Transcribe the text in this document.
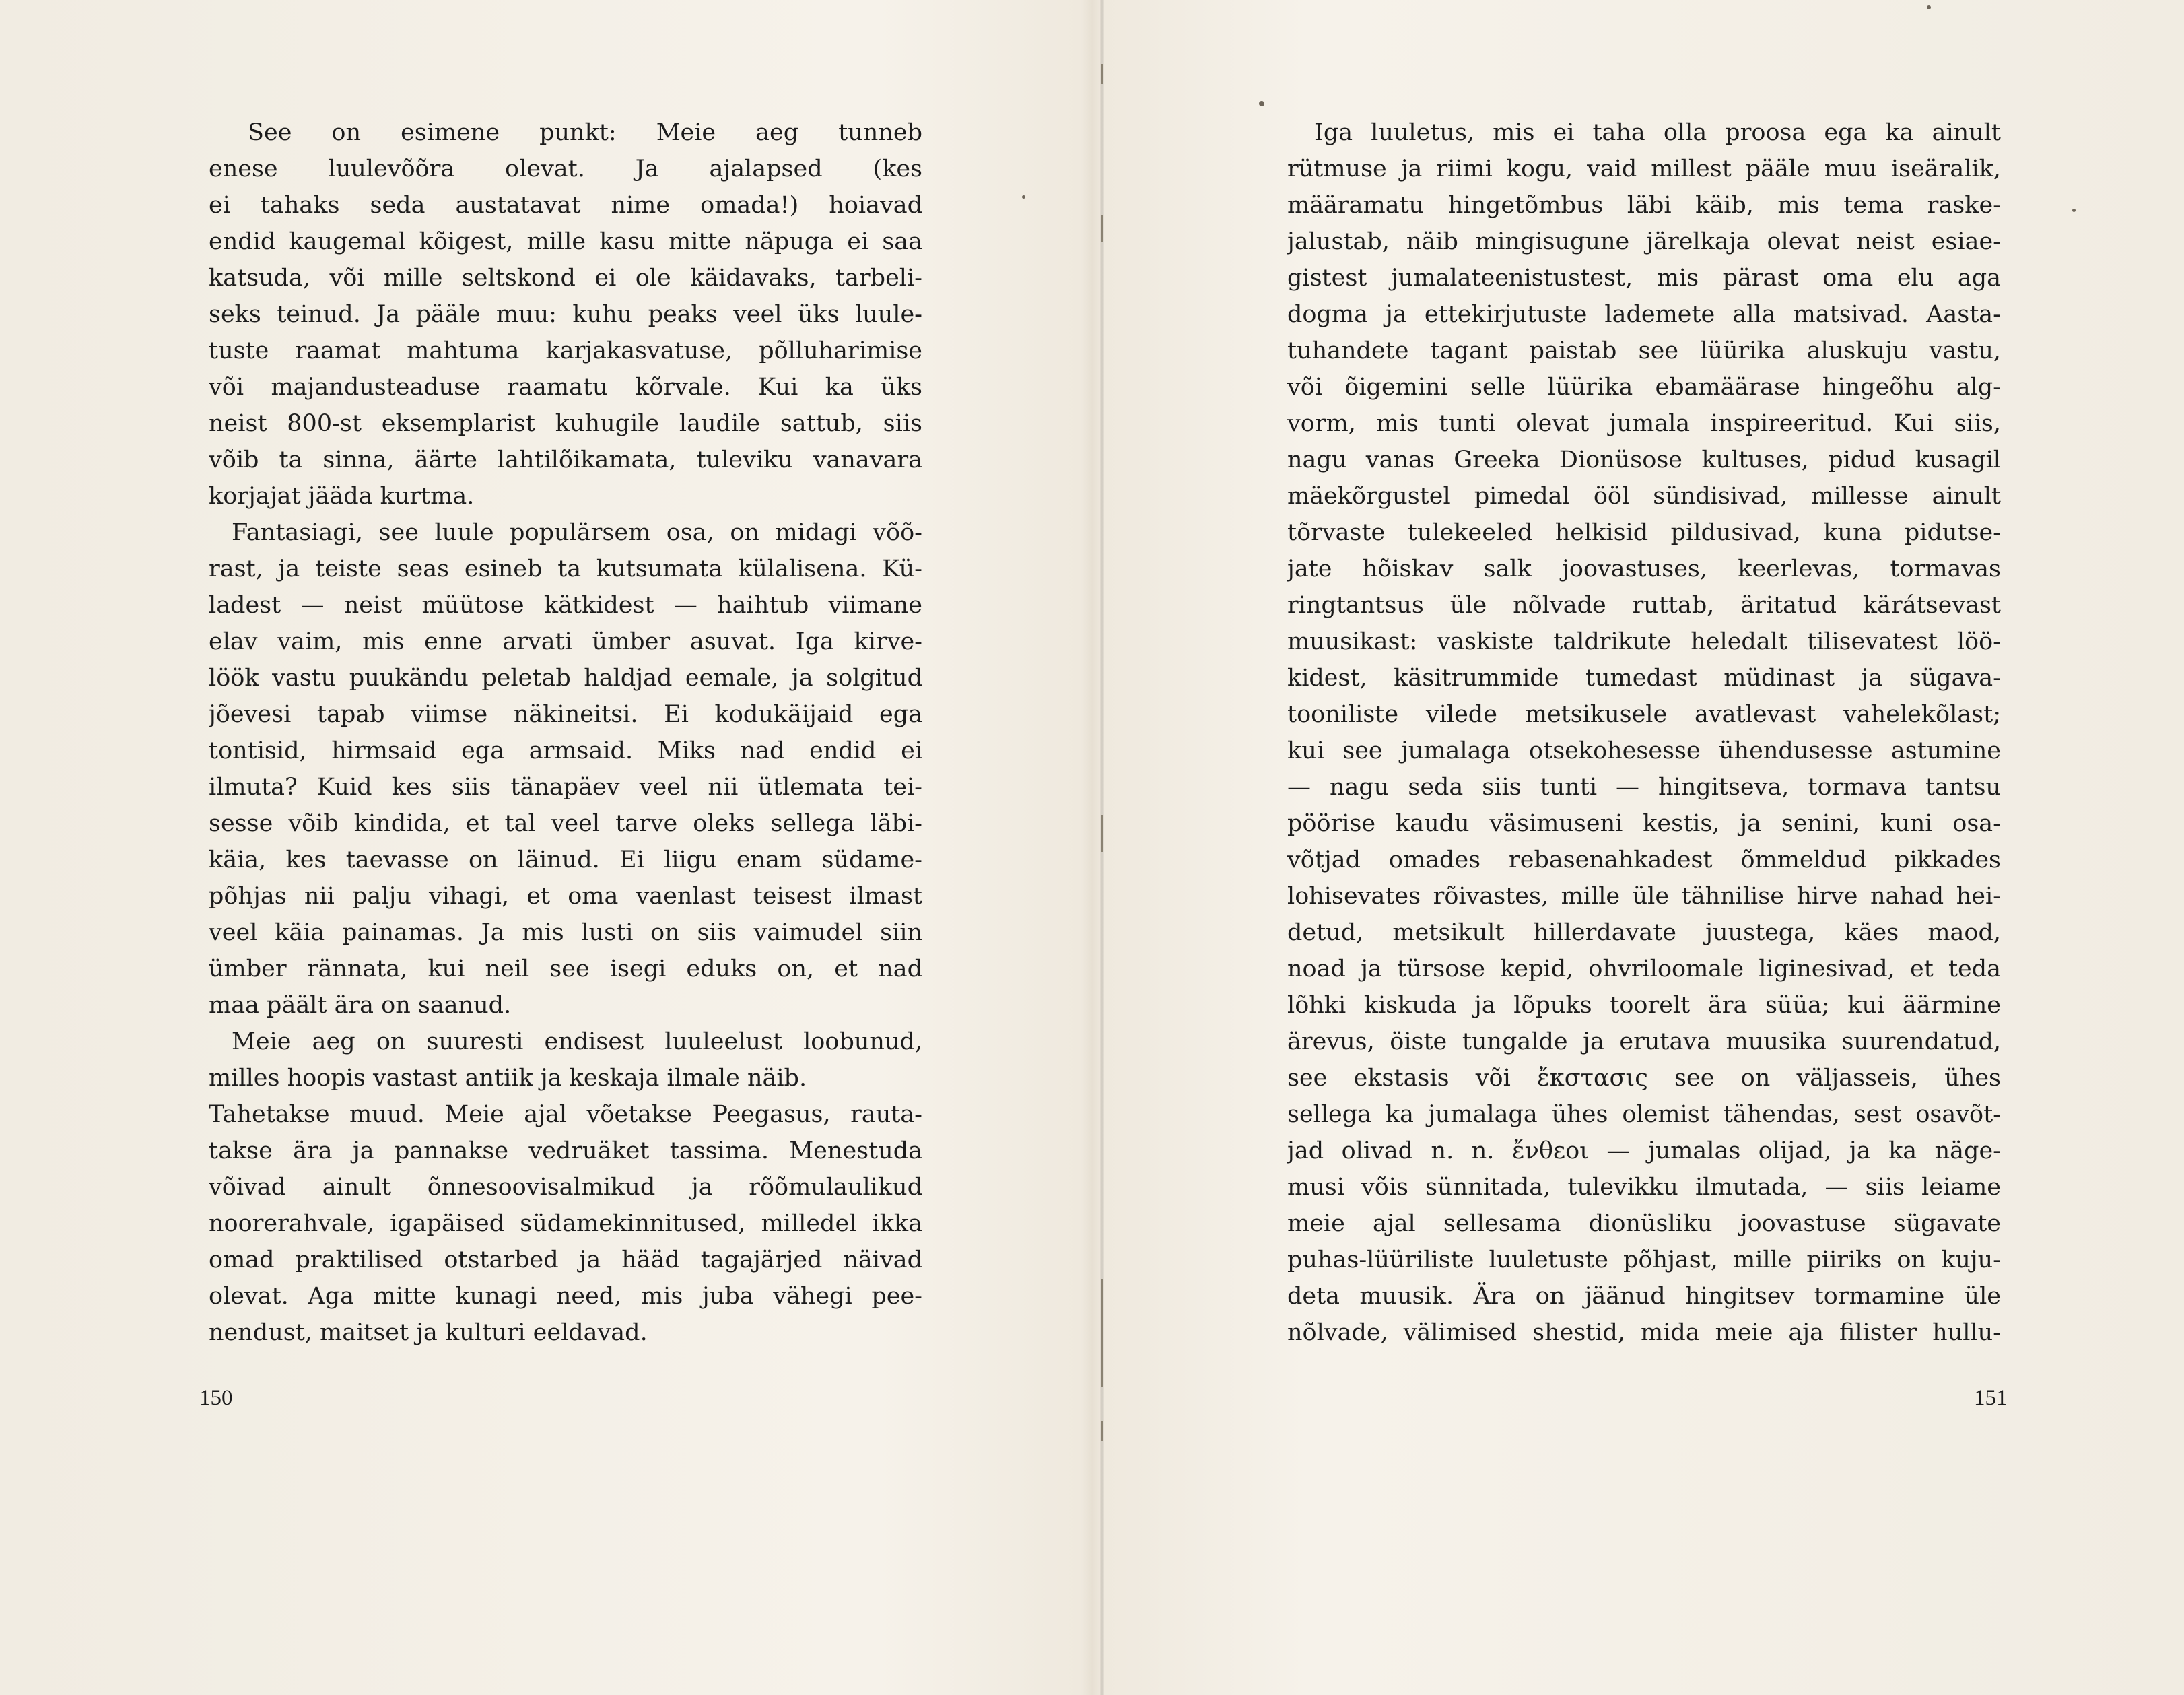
See on esimene punkt: Meie aeg tunneb
enese luulevõõra olevat. Ja ajalapsed (kes
ei tahaks seda austatavat nime omada!) hoiavad
endid kaugemal kõigest, mille kasu mitte näpuga ei saa
katsuda, või mille seltskond ei ole käidavaks, tarbeli-
seks teinud. Ja pääle muu: kuhu peaks veel üks luule-
tuste raamat mahtuma karjakasvatuse, põlluharimise
või majandusteaduse raamatu kõrvale. Kui ka üks
neist 800-st eksemplarist kuhugile laudile sattub, siis
võib ta sinna, äärte lahtilõikamata, tuleviku vanavara
korjajat jääda kurtma.
Fantasiagi, see luule populärsem osa, on midagi võõ-
rast, ja teiste seas esineb ta kutsumata külalisena. Kü-
ladest — neist müütose kätkidest — haihtub viimane
elav vaim, mis enne arvati ümber asuvat. Iga kirve-
löök vastu puukändu peletab haldjad eemale, ja solgitud
jõevesi tapab viimse näkineitsi. Ei kodukäijaid ega
tontisid, hirmsaid ega armsaid. Miks nad endid ei
ilmuta? Kuid kes siis tänapäev veel nii ütlemata tei-
sesse võib kindida, et tal veel tarve oleks sellega läbi-
käia, kes taevasse on läinud. Ei liigu enam südame-
põhjas nii palju vihagi, et oma vaenlast teisest ilmast
veel käia painamas. Ja mis lusti on siis vaimudel siin
ümber rännata, kui neil see isegi eduks on, et nad
maa päält ära on saanud.
Meie aeg on suuresti endisest luuleelust loobunud,
milles hoopis vastast antiik ja keskaja ilmale näib.
Tahetakse muud. Meie ajal võetakse Peegasus, rauta-
takse ära ja pannakse vedruäket tassima. Menestuda
võivad ainult õnnesoovisalmikud ja rõõmulaulikud
noorerahvale, igapäised südamekinnitused, milledel ikka
omad praktilised otstarbed ja hääd tagajärjed näivad
olevat. Aga mitte kunagi need, mis juba vähegi pee-
nendust, maitset ja kulturi eeldavad.
Iga luuletus, mis ei taha olla proosa ega ka ainult
rütmuse ja riimi kogu, vaid millest pääle muu iseäralik,
määramatu hingetõmbus läbi käib, mis tema raske-
jalustab, näib mingisugune järelkaja olevat neist esiae-
gistest jumalateenistustest, mis pärast oma elu aga
dogma ja ettekirjutuste lademete alla matsivad. Aasta-
tuhandete tagant paistab see lüürika aluskuju vastu,
või õigemini selle lüürika ebamäärase hingeõhu alg-
vorm, mis tunti olevat jumala inspireeritud. Kui siis,
nagu vanas Greeka Dionüsose kultuses, pidud kusagil
mäekõrgustel pimedal ööl sündisivad, millesse ainult
tõrvaste tulekeeled helkisid pildusivad, kuna pidutse-
jate hõiskav salk joovastuses, keerlevas, tormavas
ringtantsus üle nõlvade ruttab, äritatud kärátsevast
muusikast: vaskiste taldrikute heledalt tilisevatest löö-
kidest, käsitrummide tumedast müdinast ja sügava-
tooniliste vilede metsikusele avatlevast vahelekõlast;
kui see jumalaga otsekohesesse ühendusesse astumine
— nagu seda siis tunti — hingitseva, tormava tantsu
pöörise kaudu väsimuseni kestis, ja senini, kuni osa-
võtjad omades rebasenahkadest õmmeldud pikkades
lohisevates rõivastes, mille üle tähnilise hirve nahad hei-
detud, metsikult hillerdavate juustega, käes maod,
noad ja türsose kepid, ohvriloomale liginesivad, et teda
lõhki kiskuda ja lõpuks toorelt ära süüa; kui äärmine
ärevus, öiste tungalde ja erutava muusika suurendatud,
see ekstasis või ἔκστασις see on väljasseis, ühes
sellega ka jumalaga ühes olemist tähendas, sest osavõt-
jad olivad n. n. ἔνθεοι — jumalas olijad, ja ka näge-
musi võis sünnitada, tulevikku ilmutada, — siis leiame
meie ajal sellesama dionüsliku joovastuse sügavate
puhas-lüüriliste luuletuste põhjast, mille piiriks on kuju-
deta muusik. Ära on jäänud hingitsev tormamine üle
nõlvade, välimised shestid, mida meie aja filister hullu-
150	151
